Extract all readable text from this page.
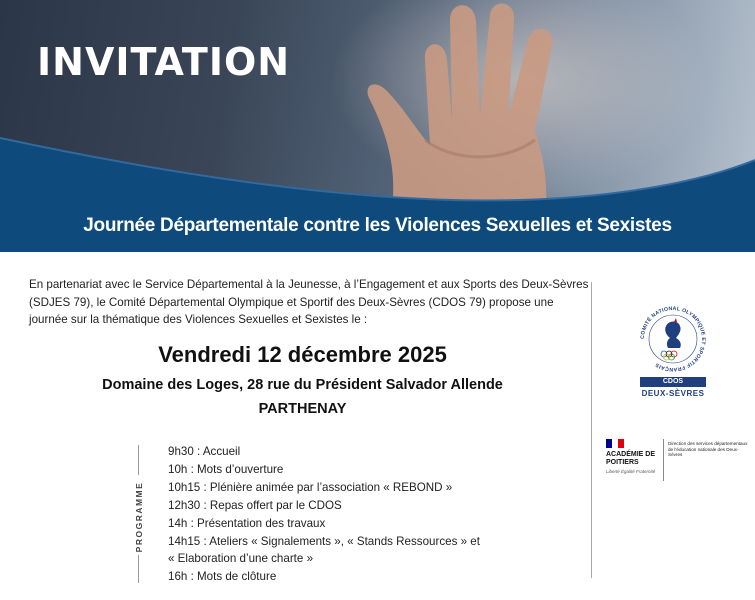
INVITATION
Journée Départementale contre les Violences Sexuelles et Sexistes

En partenariat avec le Service Départemental à la Jeunesse, à l’Engagement et aux Sports des Deux-Sèvres (SDJES 79), le Comité Départemental Olympique et Sportif des Deux-Sèvres (CDOS 79) propose une journée sur la thématique des Violences Sexuelles et Sexistes le :

Vendredi 12 décembre 2025

Domaine des Loges, 28 rue du Président Salvador Allende

PARTHENAY

PROGRAMME

9h30 : Accueil
10h : Mots d’ouverture
10h15 : Plénière animée par l’association « REBOND »
12h30 : Repas offert par le CDOS
14h : Présentation des travaux
14h15 : Ateliers « Signalements », « Stands Ressources » et
« Elaboration d’une charte »
16h : Mots de clôture
COMITÉ NATIONAL OLYMPIQUE ET SPORTIF FRANÇAIS
CDOS
DEUX-SÈVRES

ACADÉMIE DE POITIERS

Liberté Égalité Fraternité

Direction des services départementaux de l’éducation nationale des Deux-Sèvres
